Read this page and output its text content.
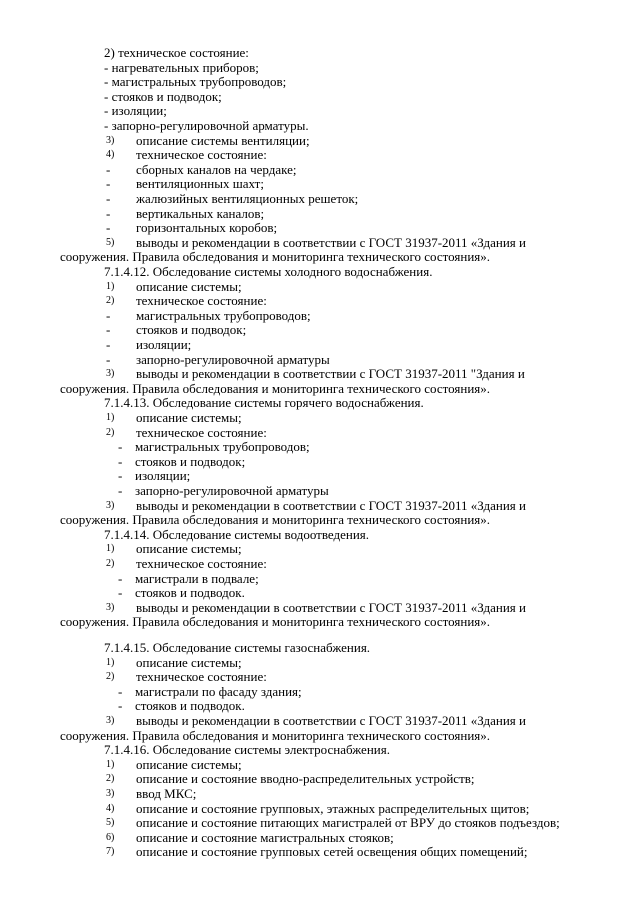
2) техническое состояние:
- нагревательных приборов;
- магистральных трубопроводов;
- стояков и подводок;
- изоляции;
- запорно-регулировочной арматуры.
3) описание системы вентиляции;
4) техническое состояние:
- сборных каналов на чердаке;
- вентиляционных шахт;
- жалюзийных вентиляционных решеток;
- вертикальных каналов;
- горизонтальных коробов;
5) выводы и рекомендации в соответствии с ГОСТ 31937-2011 «Здания и
сооружения. Правила обследования и мониторинга технического состояния».
7.1.4.12. Обследование системы холодного водоснабжения.
1) описание системы;
2) техническое состояние:
- магистральных трубопроводов;
- стояков и подводок;
- изоляции;
- запорно-регулировочной арматуры
3) выводы и рекомендации в соответствии с ГОСТ 31937-2011 "Здания и
сооружения. Правила обследования и мониторинга технического состояния».
7.1.4.13. Обследование системы горячего водоснабжения.
1) описание системы;
2) техническое состояние:
- магистральных трубопроводов;
- стояков и подводок;
- изоляции;
- запорно-регулировочной арматуры
3) выводы и рекомендации в соответствии с ГОСТ 31937-2011 «Здания и
сооружения. Правила обследования и мониторинга технического состояния».
7.1.4.14. Обследование системы водоотведения.
1) описание системы;
2) техническое состояние:
- магистрали в подвале;
- стояков и подводок.
3) выводы и рекомендации в соответствии с ГОСТ 31937-2011 «Здания и
сооружения. Правила обследования и мониторинга технического состояния».
7.1.4.15. Обследование системы газоснабжения.
1) описание системы;
2) техническое состояние:
- магистрали по фасаду здания;
- стояков и подводок.
3) выводы и рекомендации в соответствии с ГОСТ 31937-2011 «Здания и
сооружения. Правила обследования и мониторинга технического состояния».
7.1.4.16. Обследование системы электроснабжения.
1) описание системы;
2) описание и состояние вводно-распределительных устройств;
3) ввод МКС;
4) описание и состояние групповых, этажных распределительных щитов;
5) описание и состояние питающих магистралей от ВРУ до стояков подъездов;
6) описание и состояние магистральных стояков;
7) описание и состояние групповых сетей освещения общих помещений;
